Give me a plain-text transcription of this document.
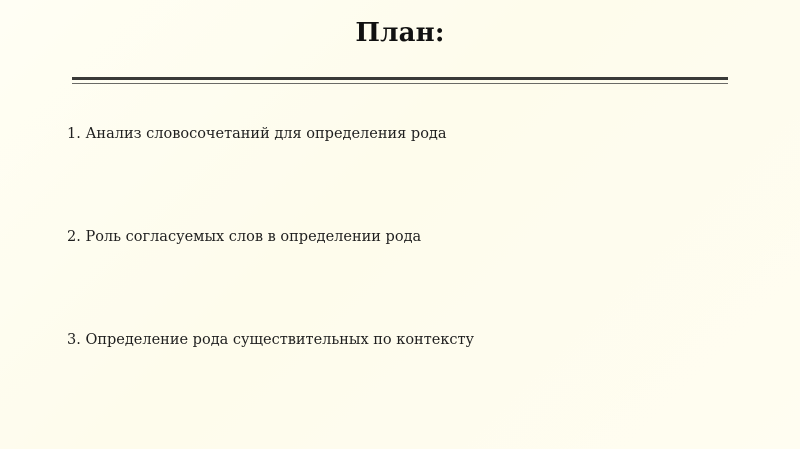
План:
1. Анализ словосочетаний для определения рода
2. Роль согласуемых слов в определении рода
3. Определение рода существительных по контексту
